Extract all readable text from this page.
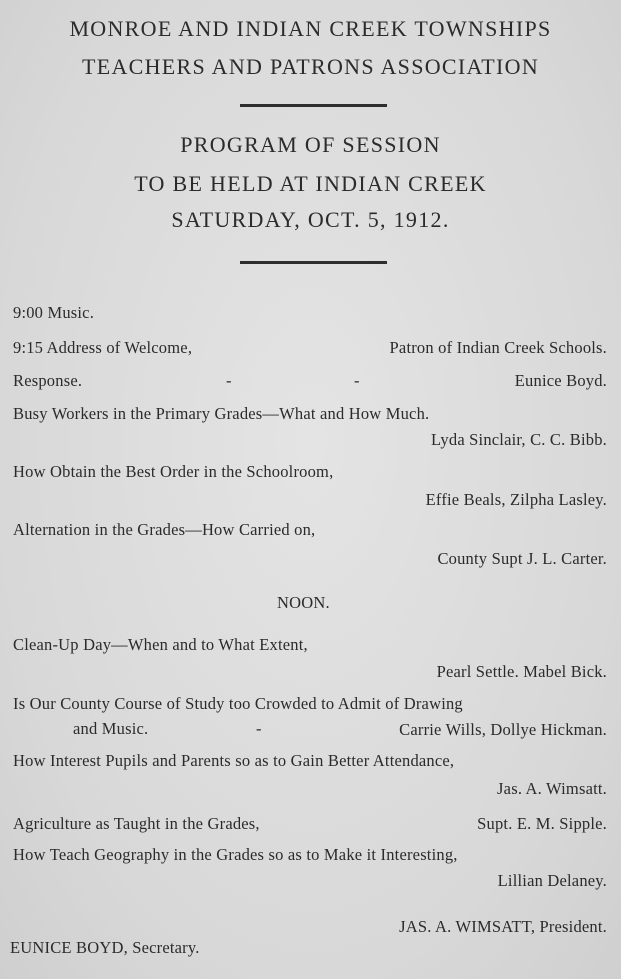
MONROE AND INDIAN CREEK TOWNSHIPS
TEACHERS AND PATRONS ASSOCIATION
PROGRAM OF SESSION
TO BE HELD AT INDIAN CREEK
SATURDAY, OCT. 5, 1912.
9:00 Music.
9:15 Address of Welcome,	Patron of Indian Creek Schools.
Response.	-	-	Eunice Boyd.
Busy Workers in the Primary Grades—What and How Much.
Lyda Sinclair, C. C. Bibb.
How Obtain the Best Order in the Schoolroom,
Effie Beals, Zilpha Lasley.
Alternation in the Grades—How Carried on,
County Supt J. L. Carter.
NOON.
Clean-Up Day—When and to What Extent,
Pearl Settle. Mabel Bick.
Is Our County Course of Study too Crowded to Admit of Drawing
and Music.	-	Carrie Wills, Dollye Hickman.
How Interest Pupils and Parents so as to Gain Better Attendance,
Jas. A. Wimsatt.
Agriculture as Taught in the Grades,	Supt. E. M. Sipple.
How Teach Geography in the Grades so as to Make it Interesting,
Lillian Delaney.
JAS. A. WIMSATT, President.
EUNICE BOYD, Secretary.
